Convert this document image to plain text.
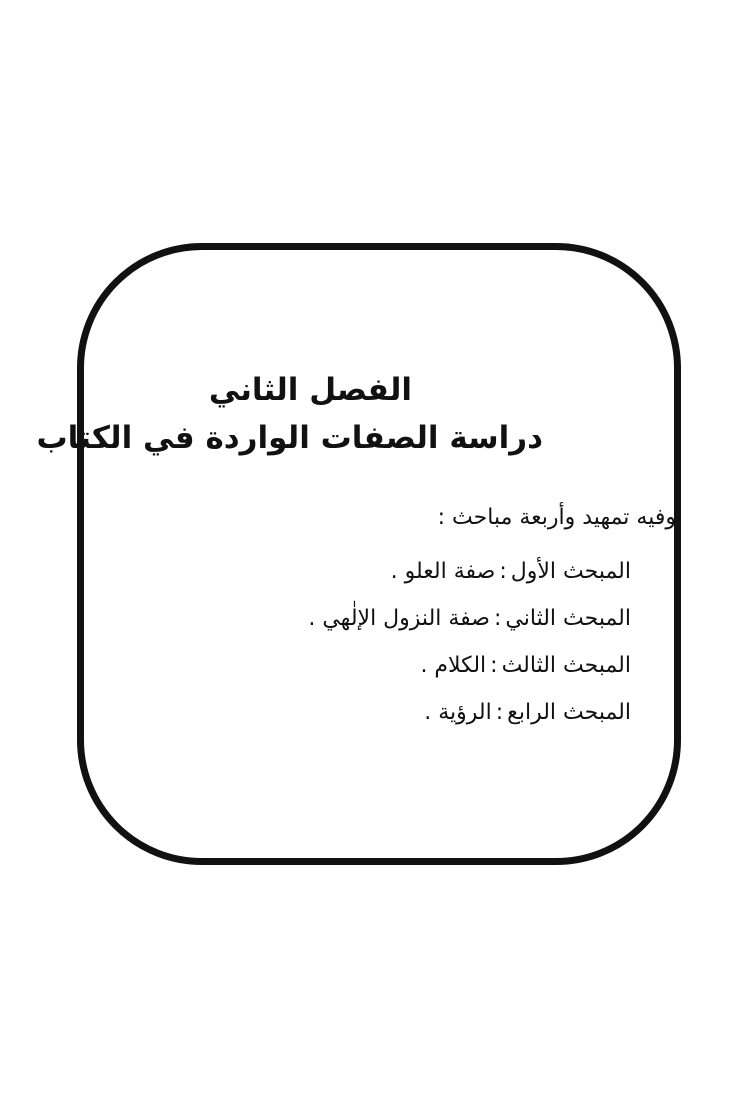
الفصل الثاني
دراسة الصفات الواردة في الكتاب
وفيه تمهيد وأربعة مباحث :
المبحث الأول
:
صفة العلو .
المبحث الثاني
:
صفة النزول الإلٰهي .
المبحث الثالث
:
الكلام .
المبحث الرابع
:
الرؤية .
